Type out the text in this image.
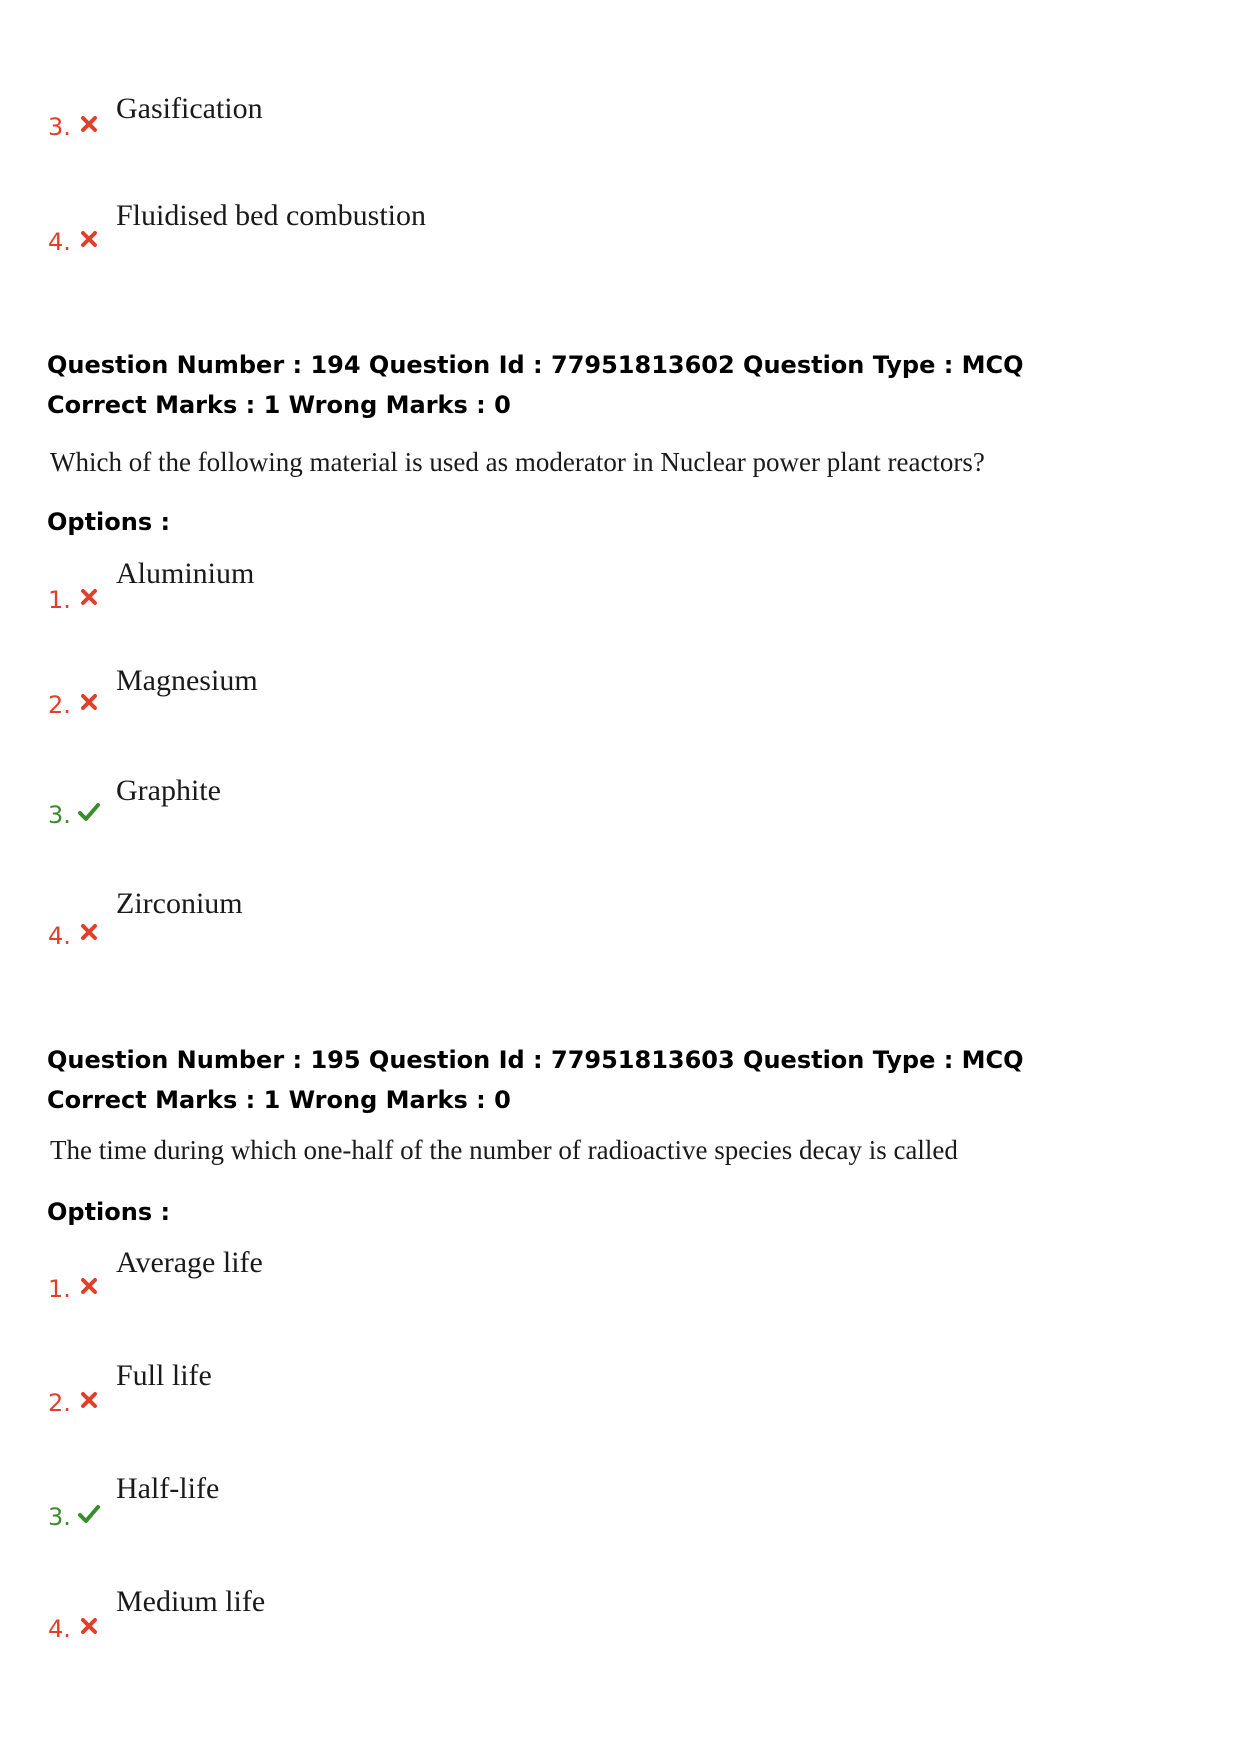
Gasification
3.
Fluidised bed combustion
4.
Question Number : 194 Question Id : 77951813602 Question Type : MCQ
Correct Marks : 1 Wrong Marks : 0
Which of the following material is used as moderator in Nuclear power plant reactors?
Options :
Aluminium
1.
Magnesium
2.
Graphite
3.
Zirconium
4.
Question Number : 195 Question Id : 77951813603 Question Type : MCQ
Correct Marks : 1 Wrong Marks : 0
The time during which one-half of the number of radioactive species decay is called
Options :
Average life
1.
Full life
2.
Half-life
3.
Medium life
4.
